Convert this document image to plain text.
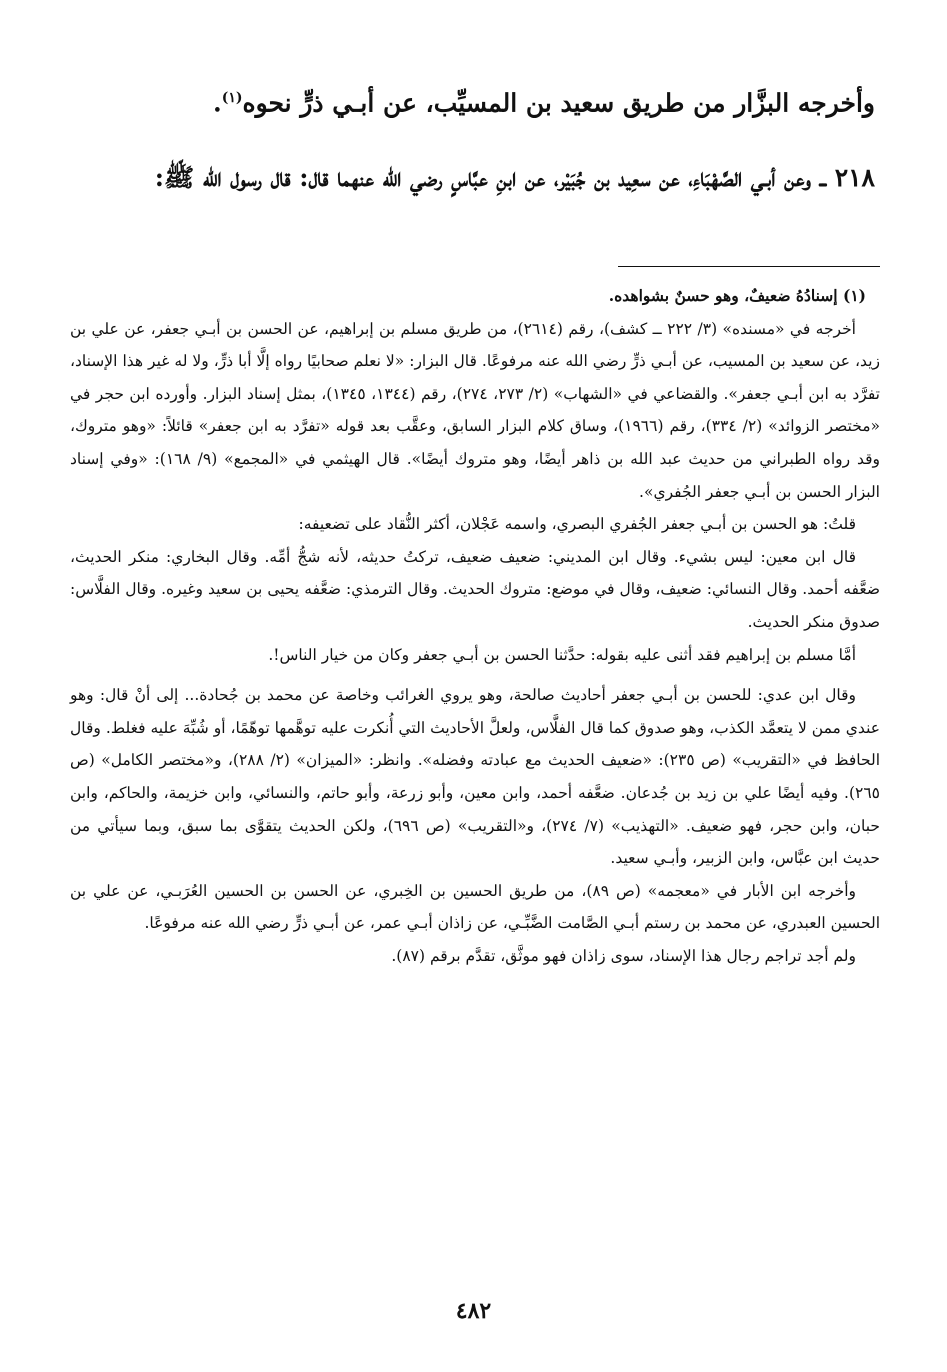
وأخرجه البزَّار من طريق سعيد بن المسيِّب، عن أبـي ذرٍّ نحوه$^{(١)}$.
٢١٨ ــ وعن أبـي الصَّهْبَاءِ، عن سعِيد بن جُبَيْر، عن ابنِ عبَّاسٍ رضي الله عنهما قال: قال رسول الله ﷺ:

(١) إسنادُهُ ضعيفٌ، وهو حسنٌ بشواهده.

أخرجه في «مسنده» (٣/ ٢٢٢ ــ كشف)، رقم (٢٦١٤)، من طريق مسلم بن إبراهيم، عن الحسن بن أبـي جعفر، عن علي بن زيد، عن سعيد بن المسيب، عن أبـي ذرٍّ رضي الله عنه مرفوعًا. قال البزار: «لا نعلم صحابيًا رواه إلَّا أبا ذرٍّ، ولا له غير هذا الإسناد، تفرَّد به ابن أبـي جعفر». والقضاعي في «الشهاب» (٢/ ٢٧٣، ٢٧٤)، رقم (١٣٤٤، ١٣٤٥)، بمثل إسناد البزار. وأورده ابن حجر في «مختصر الزوائد» (٢/ ٣٣٤)، رقم (١٩٦٦)، وساق كلام البزار السابق، وعقَّب بعد قوله «تفرَّد به ابن جعفر» قائلاً: «وهو متروك، وقد رواه الطبراني من حديث عبد الله بن ذاهر أيضًا، وهو متروك أيضًا». قال الهيثمي في «المجمع» (٩/ ١٦٨): «وفي إسناد البزار الحسن بن أبـي جعفر الجُفري».

قلتُ: هو الحسن بن أبـي جعفر الجُفري البصري، واسمه عَجْلان، أكثر النُّقاد على تضعيفه:

قال ابن معين: ليس بشيء. وقال ابن المديني: ضعيف ضعيف، تركتُ حديثه، لأنه شجُّ أمِّه. وقال البخاري: منكر الحديث، ضعَّفه أحمد. وقال النسائي: ضعيف، وقال في موضع: متروك الحديث. وقال الترمذي: ضعَّفه يحيى بن سعيد وغيره. وقال الفلَّاس: صدوق منكر الحديث.

أمَّا مسلم بن إبراهيم فقد أثنى عليه بقوله: حدَّثنا الحسن بن أبـي جعفر وكان من خيار الناس!.

وقال ابن عدي: للحسن بن أبـي جعفر أحاديث صالحة، وهو يروي الغرائب وخاصة عن محمد بن جُحادة... إلى أنْ قال: وهو عندي ممن لا يتعمَّد الكذب، وهو صدوق كما قال الفلَّاس، ولعلَّ الأحاديث التي أُنكرت عليه توهَّمها توهّمًا، أو شُبِّهَ عليه فغلط. وقال الحافظ في «التقريب» (ص ٢٣٥): «ضعيف الحديث مع عبادته وفضله». وانظر: «الميزان» (٢/ ٢٨٨)، و«مختصر الكامل» (ص ٢٦٥). وفيه أيضًا علي بن زيد بن جُدعان. ضعَّفه أحمد، وابن معين، وأبو زرعة، وأبو حاتم، والنسائي، وابن خزيمة، والحاكم، وابن حبان، وابن حجر، فهو ضعيف. «التهذيب» (٧/ ٢٧٤)، و«التقريب» (ص ٦٩٦)، ولكن الحديث يتقوَّى بما سبق، وبما سيأتي من حديث ابن عبَّاس، وابن الزبير، وأبـي سعيد.

وأخرجه ابن الأبار في «معجمه» (ص ٨٩)، من طريق الحسين بن الخِبري، عن الحسن بن الحسين العُرَبـي، عن علي بن الحسين العبدري، عن محمد بن رستم أبـي الصَّامت الضَّبِّـي، عن زاذان أبـي عمر، عن أبـي ذرٍّ رضي الله عنه مرفوعًا.

ولم أجد تراجم رجال هذا الإسناد، سوى زاذان فهو موثَّق، تقدَّم برقم (٨٧).

٤٨٢
